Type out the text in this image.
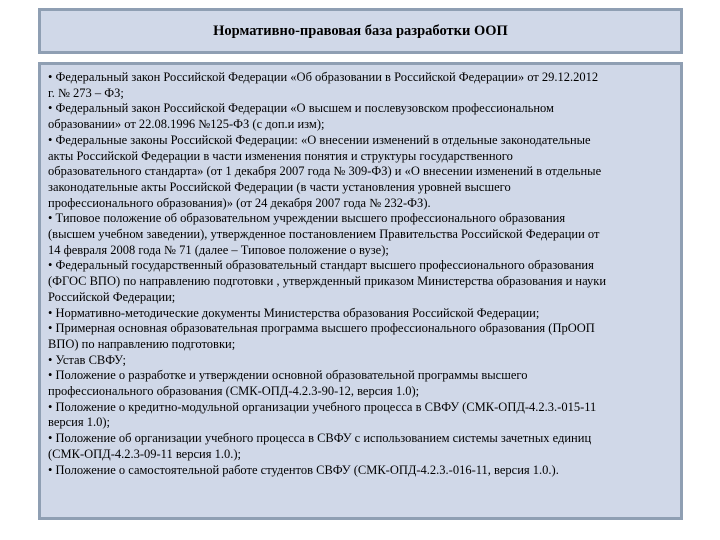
Нормативно-правовая база разработки ООП
• Федеральный закон Российской Федерации «Об образовании в Российской Федерации» от 29.12.2012
г. № 273 – ФЗ;
• Федеральный закон Российской Федерации «О высшем и послевузовском профессиональном
образовании» от 22.08.1996 №125-ФЗ (с доп.и изм);
• Федеральные законы Российской Федерации: «О внесении изменений в отдельные законодательные
акты Российской Федерации в части изменения понятия и структуры государственного
образовательного стандарта» (от 1 декабря 2007 года № 309-ФЗ) и «О внесении изменений в отдельные
законодательные акты Российской Федерации (в части установления уровней высшего
профессионального образования)» (от 24 декабря 2007 года № 232-ФЗ).
• Типовое положение об образовательном учреждении высшего профессионального образования
(высшем учебном заведении), утвержденное постановлением Правительства Российской Федерации от
14 февраля 2008 года № 71 (далее – Типовое положение о вузе);
• Федеральный государственный образовательный стандарт высшего профессионального образования
(ФГОС ВПО) по направлению подготовки , утвержденный приказом Министерства образования и науки
Российской Федерации;
• Нормативно-методические документы Министерства образования Российской Федерации;
• Примерная основная образовательная программа высшего профессионального образования (ПрООП
ВПО) по направлению подготовки;
• Устав СВФУ;
• Положение о разработке и утверждении основной образовательной программы высшего
профессионального образования (СМК-ОПД-4.2.3-90-12, версия 1.0);
• Положение о кредитно-модульной организации учебного процесса в СВФУ (СМК-ОПД-4.2.3.-015-11
версия 1.0);
• Положение об организации учебного процесса в СВФУ с использованием системы зачетных единиц
(СМК-ОПД-4.2.3-09-11 версия 1.0.);
• Положение о самостоятельной работе студентов СВФУ (СМК-ОПД-4.2.3.-016-11, версия 1.0.).
